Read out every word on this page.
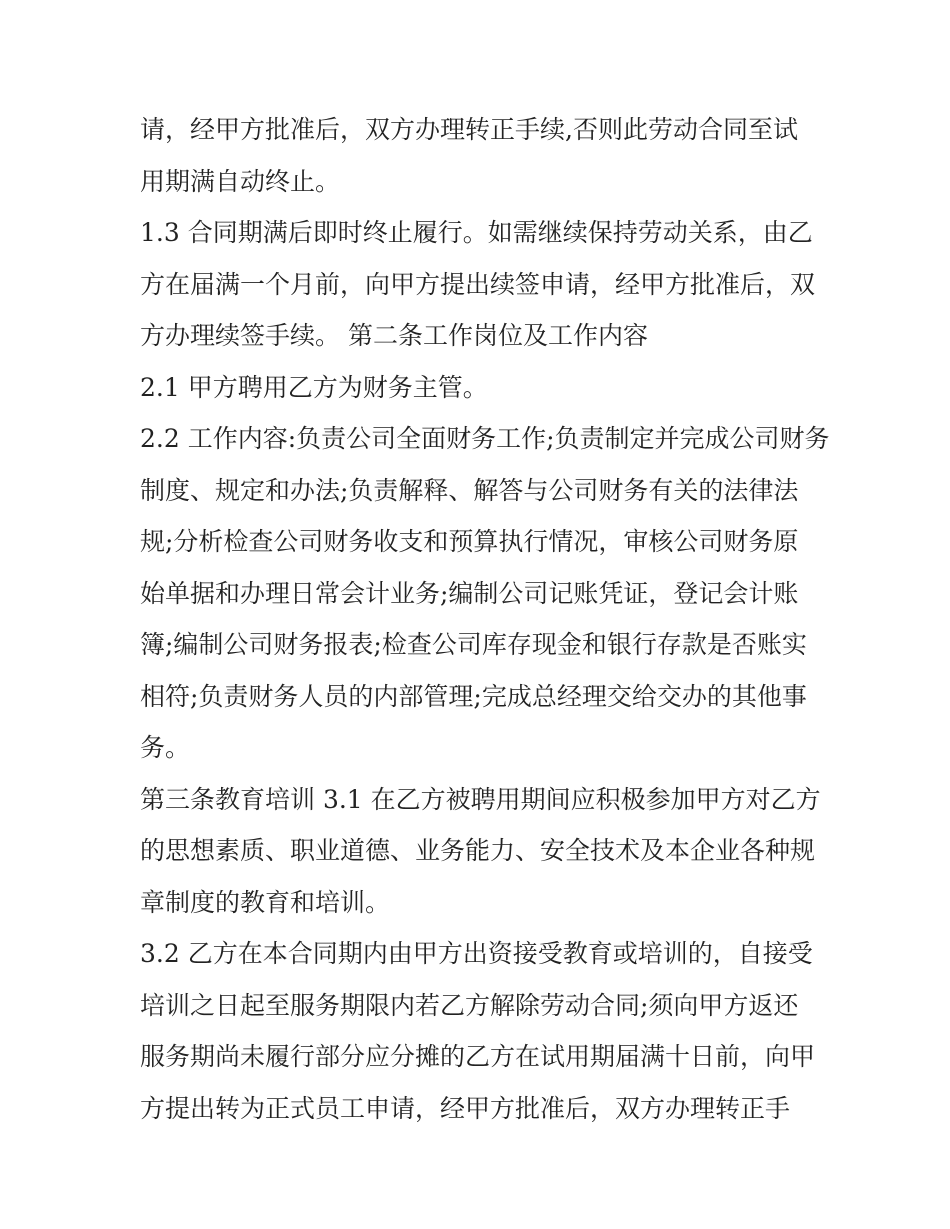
请，经甲方批准后，双方办理转正手续,否则此劳动合同至试
用期满自动终止。
1.3 合同期满后即时终止履行。如需继续保持劳动关系，由乙
方在届满一个月前，向甲方提出续签申请，经甲方批准后，双
方办理续签手续。 第二条工作岗位及工作内容
2.1 甲方聘用乙方为财务主管。
2.2 工作内容:负责公司全面财务工作;负责制定并完成公司财务
制度、规定和办法;负责解释、解答与公司财务有关的法律法
规;分析检查公司财务收支和预算执行情况，审核公司财务原
始单据和办理日常会计业务;编制公司记账凭证，登记会计账
簿;编制公司财务报表;检查公司库存现金和银行存款是否账实
相符;负责财务人员的内部管理;完成总经理交给交办的其他事
务。
第三条教育培训 3.1 在乙方被聘用期间应积极参加甲方对乙方
的思想素质、职业道德、业务能力、安全技术及本企业各种规
章制度的教育和培训。
3.2 乙方在本合同期内由甲方出资接受教育或培训的，自接受
培训之日起至服务期限内若乙方解除劳动合同;须向甲方返还
服务期尚未履行部分应分摊的乙方在试用期届满十日前，向甲
方提出转为正式员工申请，经甲方批准后，双方办理转正手
